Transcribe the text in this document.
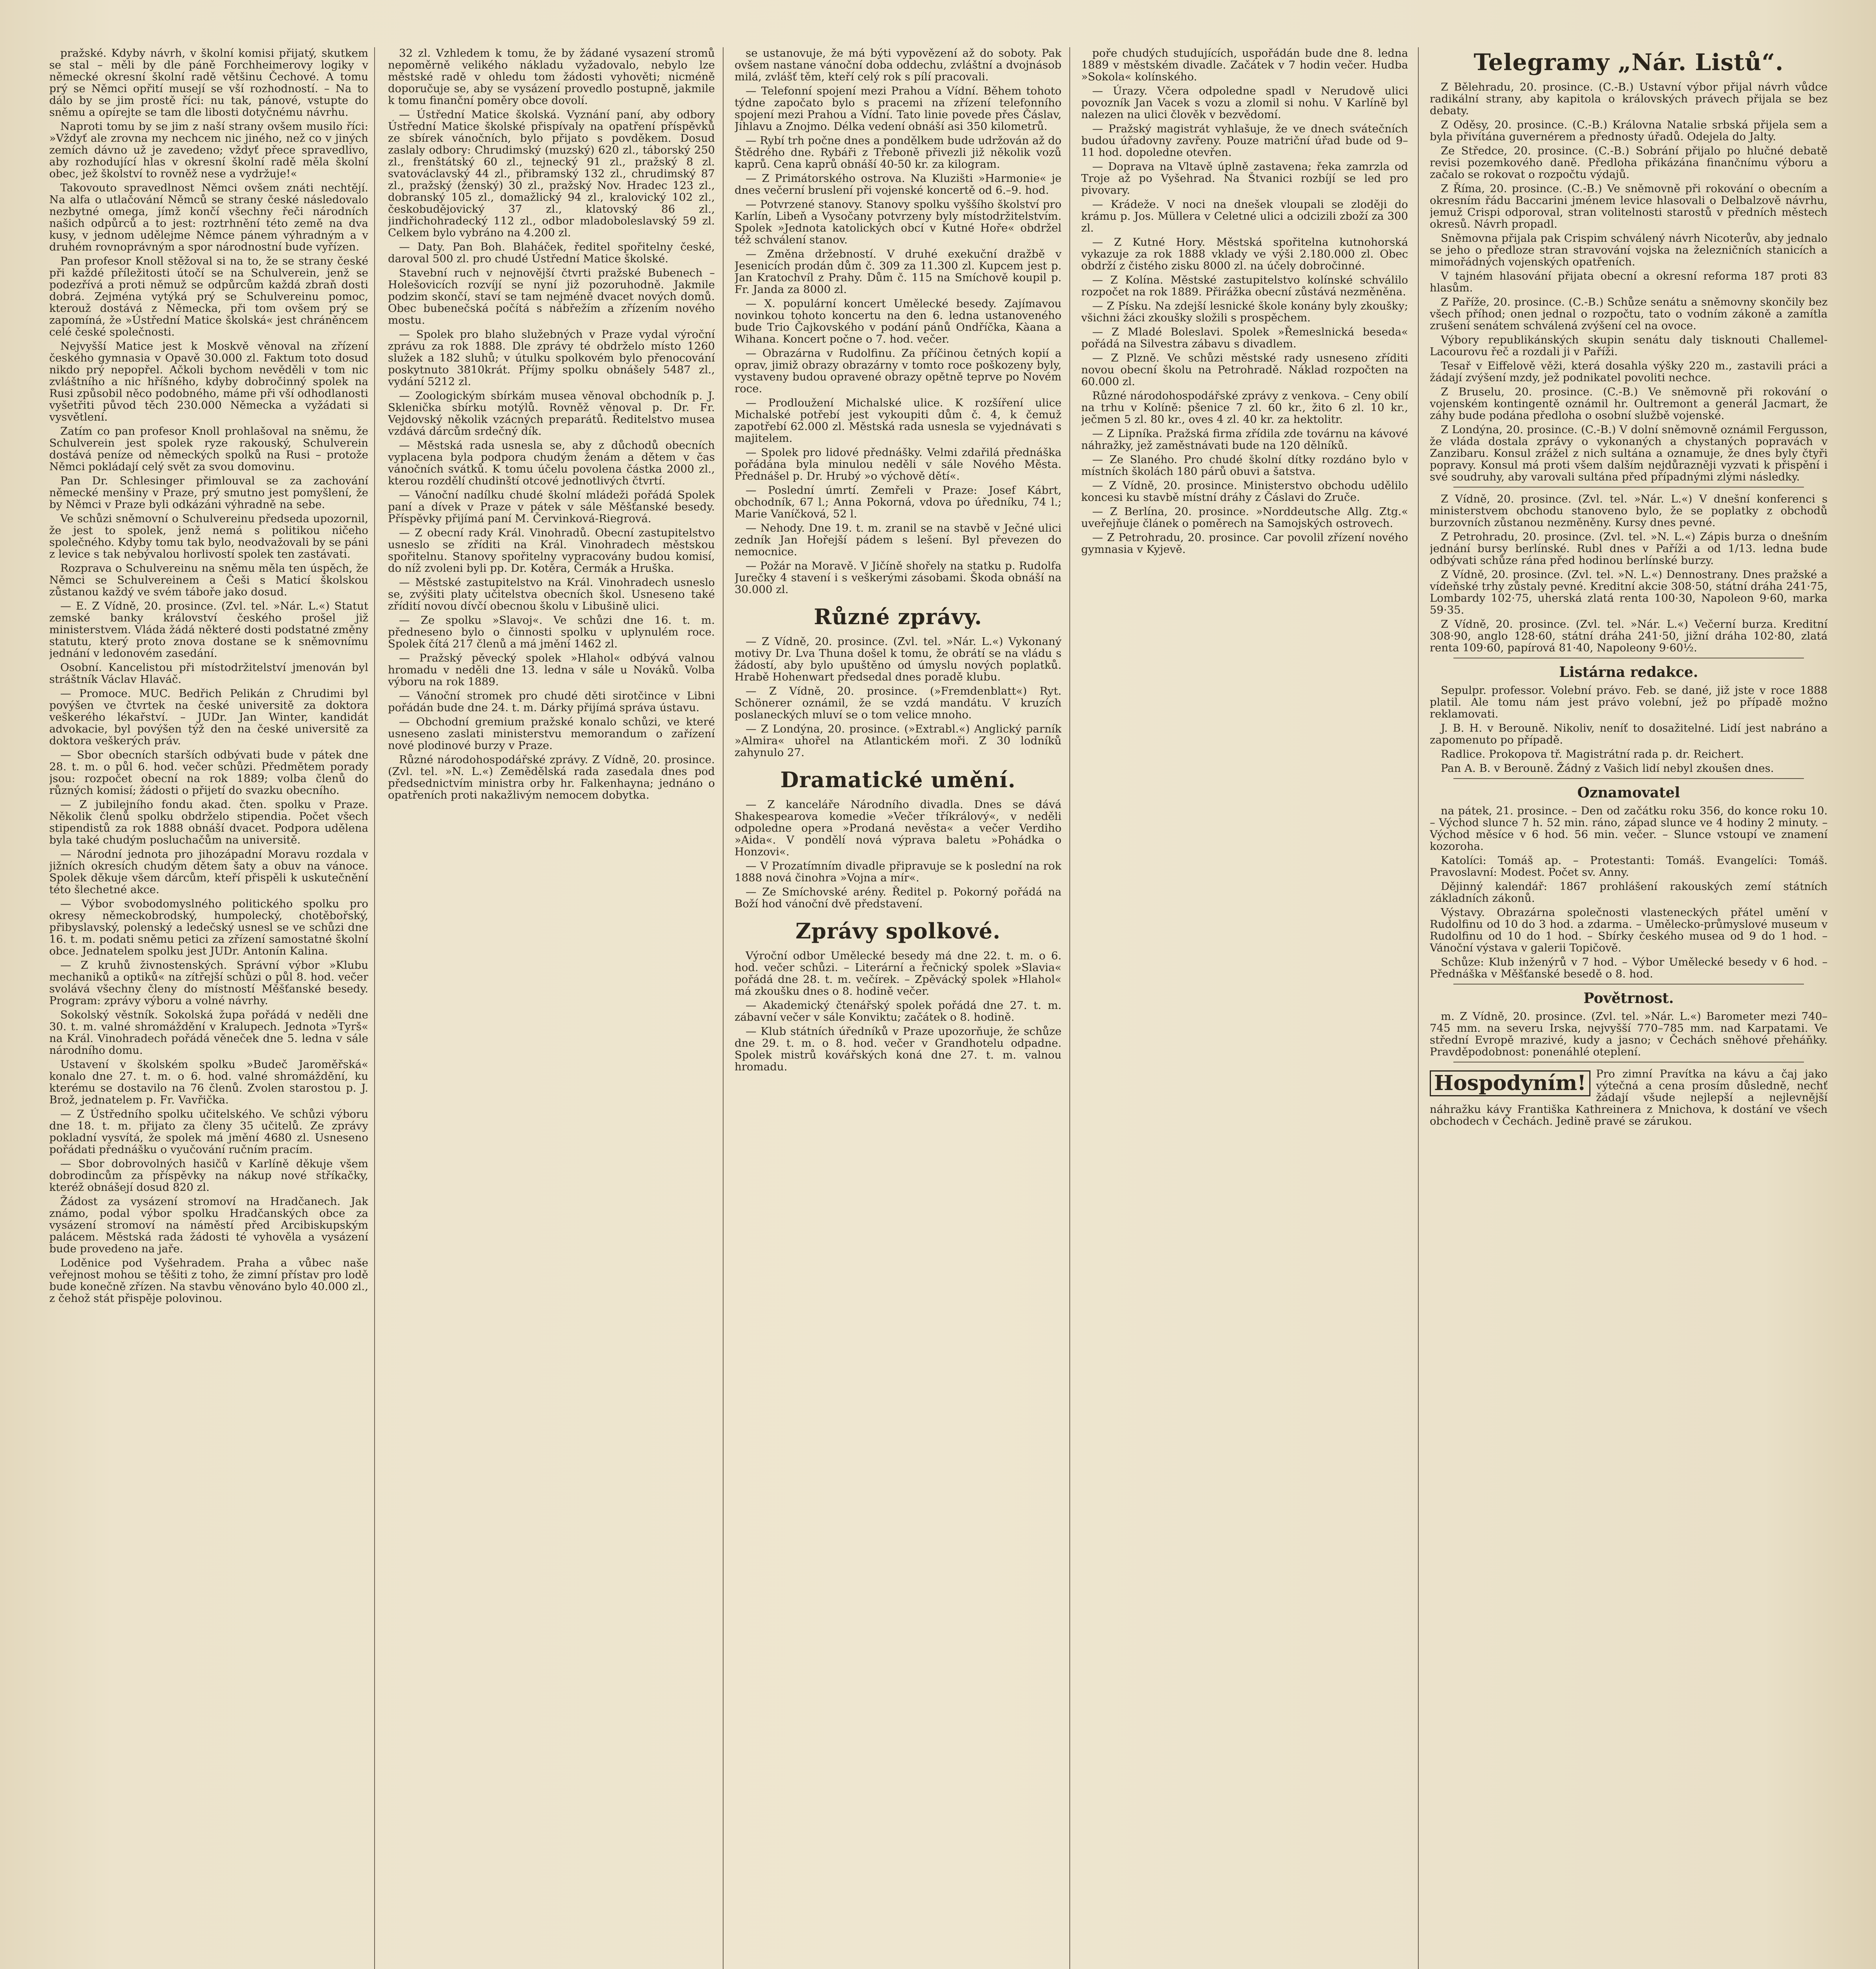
pražské. Kdyby návrh, v školní komisi přijatý, skutkem se stal – měli by dle páně Forchheimerovy logiky v německé okresní školní radě většinu Čechové. A tomu prý se Němci opřití musejí se vší rozhodností. – Na to dálo by se jim prostě říci: nu tak, pánové, vstupte do sněmu a opírejte se tam dle libosti dotyčnému návrhu.

Naproti tomu by se jim z naší strany ovšem musilo říci: »Vždyť ale zrovna my nechcem nic jiného, než co v jiných zemích dávno už je zavedeno; vždyť přece spravedlivo, aby rozhodující hlas v okresní školní radě měla školní obec, jež školství to rovněž nese a vydržuje!«

Takovouto spravedlnost Němci ovšem znáti nechtějí. Na alfa o utlačování Němců se strany české následovalo nezbytné omega, jímž končí všechny řeči národních našich odpůrců a to jest: roztrhnění této země na dva kusy, v jednom udělejme Němce pánem výhradným a v druhém rovnoprávným a spor národnostní bude vyřízen.

Pan profesor Knoll stěžoval si na to, že se strany české při každé příležitosti útočí se na Schulverein, jenž se podezřívá a proti němuž se odpůrcům každá zbraň dosti dobrá. Zejména vytýká prý se Schulvereinu pomoc, kterouž dostává z Německa, při tom ovšem prý se zapomíná, že »Ústřední Matice školská« jest chráněncem celé české společnosti.

Nejvyšší Matice jest k Moskvě věnoval na zřízení českého gymnasia v Opavě 30.000 zl. Faktum toto dosud nikdo prý nepopřel. Ačkoli bychom nevěděli v tom nic zvláštního a nic hříšného, kdyby dobročinný spolek na Rusi způsobil něco podobného, máme při vší odhodlanosti vyšetřiti původ těch 230.000 Německa a vyžádati si vysvětlení.

Zatím co pan profesor Knoll prohlašoval na sněmu, že Schulverein jest spolek ryze rakouský, Schulverein dostává peníze od německých spolků na Rusi – protože Němci pokládají celý svět za svou domovinu.

Pan Dr. Schlesinger přimlouval se za zachování německé menšiny v Praze, prý smutno jest pomyšlení, že by Němci v Praze byli odkázáni výhradně na sebe.

Ve schůzi sněmovní o Schulvereinu předseda upozornil, že jest to spolek, jenž nemá s politikou ničeho společného. Kdyby tomu tak bylo, neodvažovali by se páni z levice s tak nebývalou horlivostí spolek ten zastávati.

Rozprava o Schulvereinu na sněmu měla ten úspěch, že Němci se Schulvereinem a Češi s Maticí školskou zůstanou každý ve svém táboře jako dosud.

— E. Z Vídně, 20. prosince. (Zvl. tel. »Nár. L.«) Statut zemské banky království českého prošel již ministerstvem. Vláda žádá některé dosti podstatné změny statutu, který proto znova dostane se k sněmovnímu jednání v ledonovém zasedání.

Osobní. Kancelistou při místodržitelství jmenován byl stráštník Václav Hlaváč.

— Promoce. MUC. Bedřich Pelikán z Chrudimi byl povýšen ve čtvrtek na české universitě za doktora veškerého lékařství. – JUDr. Jan Winter, kandidát advokacie, byl povýšen týž den na české universitě za doktora veškerých práv.

— Sbor obecních starších odbývati bude v pátek dne 28. t. m. o půl 6. hod. večer schůzi. Předmětem porady jsou: rozpočet obecní na rok 1889; volba členů do různých komisí; žádosti o přijetí do svazku obecního.

— Z jubilejního fondu akad. čten. spolku v Praze. Několik členů spolku obdrželo stipendia. Počet všech stipendistů za rok 1888 obnáší dvacet. Podpora udělena byla také chudým posluchačům na universitě.

— Národní jednota pro jihozápadní Moravu rozdala v jižních okresích chudým dětem šaty a obuv na vánoce. Spolek děkuje všem dárcům, kteří přispěli k uskutečnění této šlechetné akce.

— Výbor svobodomyslného politického spolku pro okresy německobrodský, humpolecký, chotěbořský, přibyslavský, polenský a ledečský usnesl se ve schůzi dne 16. t. m. podati sněmu petici za zřízení samostatné školní obce. Jednatelem spolku jest JUDr. Antonín Kalina.

— Z kruhů živnostenských. Správní výbor »Klubu mechaniků a optiků« na zítřejší schůzi o půl 8. hod. večer svolává všechny členy do místností Měšťanské besedy. Program: zprávy výboru a volné návrhy.

Sokolský věstník. Sokolská župa pořádá v neděli dne 30. t. m. valné shromáždění v Kralupech. Jednota »Tyrš« na Král. Vinohradech pořádá věneček dne 5. ledna v sále národního domu.

Ustavení v školském spolku »Budeč Jaroměřská« konalo dne 27. t. m. o 6. hod. valné shromáždění, ku kterému se dostavilo na 76 členů. Zvolen starostou p. J. Brož, jednatelem p. Fr. Vavřička.

— Z Ústředního spolku učitelského. Ve schůzi výboru dne 18. t. m. přijato za členy 35 učitelů. Ze zprávy pokladní vysvítá, že spolek má jmění 4680 zl. Usneseno pořádati přednášku o vyučování ručním pracím.

— Sbor dobrovolných hasičů v Karlíně děkuje všem dobrodincům za příspěvky na nákup nové stříkačky, kteréž obnášejí dosud 820 zl.

Žádost za vysázení stromoví na Hradčanech. Jak známo, podal výbor spolku Hradčanských obce za vysázení stromoví na náměstí před Arcibiskupským palácem. Městská rada žádosti té vyhověla a vysázení bude provedeno na jaře.

Loděnice pod Vyšehradem. Praha a vůbec naše veřejnost mohou se těšiti z toho, že zimní přístav pro lodě bude konečně zřízen. Na stavbu věnováno bylo 40.000 zl., z čehož stát přispěje polovinou.

32 zl. Vzhledem k tomu, že by žádané vysazení stromů nepoměrně velikého nákladu vyžadovalo, nebylo lze městské radě v ohledu tom žádosti vyhověti; nicméně doporučuje se, aby se vysázení provedlo postupně, jakmile k tomu finanční poměry obce dovolí.

— Ústřední Matice školská. Vyznání paní, aby odbory Ústřední Matice školské přispívaly na opatření příspěvků ze sbírek vánočních, bylo přijato s povděkem. Dosud zaslaly odbory: Chrudimský (muzský) 620 zl., táborský 250 zl., frenštátský 60 zl., tejnecký 91 zl., pražský 8 zl. svatováclavský 44 zl., přibramský 132 zl., chrudimský 87 zl., pražský (ženský) 30 zl., pražský Nov. Hradec 123 zl., dobranský 105 zl., domažlický 94 zl., kralovický 102 zl., českobudějovický 37 zl., klatovský 86 zl., jindřichohradecký 112 zl., odbor mladoboleslavský 59 zl. Celkem bylo vybráno na 4.200 zl.

— Daty. Pan Boh. Blaháček, ředitel spořitelny české, daroval 500 zl. pro chudé Ústřední Matice školské.

Stavební ruch v nejnovější čtvrti pražské Bubenech – Holešovicích rozvíjí se nyní již pozoruhodně. Jakmile podzim skončí, staví se tam nejméně dvacet nových domů. Obec bubenečská počítá s nábřežím a zřízením nového mostu.

— Spolek pro blaho služebných v Praze vydal výroční zprávu za rok 1888. Dle zprávy té obdrželo místo 1260 služek a 182 sluhů; v útulku spolkovém bylo přenocování poskytnuto 3810krát. Příjmy spolku obnášely 5487 zl., vydání 5212 zl.

— Zoologickým sbírkám musea věnoval obchodník p. J. Sklenička sbírku motýlů. Rovněž věnoval p. Dr. Fr. Vejdovský několik vzácných preparátů. Ředitelstvo musea vzdává dárcům srdečný dík.

— Městská rada usnesla se, aby z důchodů obecních vyplacena byla podpora chudým ženám a dětem v čas vánočních svátků. K tomu účelu povolena částka 2000 zl., kterou rozdělí chudinští otcové jednotlivých čtvrtí.

— Vánoční nadílku chudé školní mládeži pořádá Spolek paní a dívek v Praze v pátek v sále Měšťanské besedy. Příspěvky přijímá paní M. Červinková-Riegrová.

— Z obecní rady Král. Vinohradů. Obecní zastupitelstvo usneslo se zříditi na Král. Vinohradech městskou spořitelnu. Stanovy spořitelny vypracovány budou komisí, do níž zvoleni byli pp. Dr. Kotěra, Čermák a Hruška.

— Městské zastupitelstvo na Král. Vinohradech usneslo se, zvýšiti platy učitelstva obecních škol. Usneseno také zřídití novou dívčí obecnou školu v Libušině ulici.

— Ze spolku »Slavoj«. Ve schůzi dne 16. t. m. předneseno bylo o činnosti spolku v uplynulém roce. Spolek čítá 217 členů a má jmění 1462 zl.

— Pražský pěvecký spolek »Hlahol« odbývá valnou hromadu v neděli dne 13. ledna v sále u Nováků. Volba výboru na rok 1889.

— Vánoční stromek pro chudé děti sirotčince v Libni pořádán bude dne 24. t. m. Dárky přijímá správa ústavu.

— Obchodní gremium pražské konalo schůzi, ve které usneseno zaslati ministerstvu memorandum o zařízení nové plodinové burzy v Praze.

Různé národohospodářské zprávy. Z Vídně, 20. prosince. (Zvl. tel. »N. L.«) Zemědělská rada zasedala dnes pod předsednictvím ministra orby hr. Falkenhayna; jednáno o opatřeních proti nakažlivým nemocem dobytka.

se ustanovuje, že má býti vypovězení až do soboty. Pak ovšem nastane vánoční doba oddechu, zvláštní a dvojnásob milá, zvlášť těm, kteří celý rok s pílí pracovali.

— Telefonní spojení mezi Prahou a Vídní. Během tohoto týdne započato bylo s pracemi na zřízení telefonního spojení mezi Prahou a Vídní. Tato linie povede přes Čáslav, Jihlavu a Znojmo. Délka vedení obnáší asi 350 kilometrů.

— Rybí trh počne dnes a pondělkem bude udržován až do Štědrého dne. Rybáři z Třeboně přivezli již několik vozů kaprů. Cena kaprů obnáší 40-50 kr. za kilogram.

— Z Primátorského ostrova. Na Kluzišti »Harmonie« je dnes večerní bruslení při vojenské koncertě od 6.–9. hod.

— Potvrzené stanovy. Stanovy spolku vyššího školství pro Karlín, Libeň a Vysočany potvrzeny byly místodržitelstvím. Spolek »Jednota katolických obcí v Kutné Hoře« obdržel též schválení stanov.

— Změna držebností. V druhé exekuční dražbě v Jesenicích prodán dům č. 309 za 11.300 zl. Kupcem jest p. Jan Kratochvíl z Prahy. Dům č. 115 na Smíchově koupil p. Fr. Janda za 8000 zl.

— X. populární koncert Umělecké besedy. Zajímavou novinkou tohoto koncertu na den 6. ledna ustanoveného bude Trio Čajkovského v podání pánů Ondříčka, Kàana a Wihana. Koncert počne o 7. hod. večer.

— Obrazárna v Rudolfinu. Za příčinou četných kopií a oprav, jimiž obrazy obrazárny v tomto roce poškozeny byly, vystaveny budou opravené obrazy opětně teprve po Novém roce.

— Prodloužení Michalské ulice. K rozšíření ulice Michalské potřebí jest vykoupiti dům č. 4, k čemuž zapotřebí 62.000 zl. Městská rada usnesla se vyjednávati s majitelem.

— Spolek pro lidové přednášky. Velmi zdařilá přednáška pořádána byla minulou neděli v sále Nového Města. Přednášel p. Dr. Hrubý »o výchově dětí«.

— Poslední úmrtí. Zemřeli v Praze: Josef Kábrt, obchodník, 67 l.; Anna Pokorná, vdova po úředníku, 74 l.; Marie Vaníčková, 52 l.

— Nehody. Dne 19. t. m. zranil se na stavbě v Ječné ulici zedník Jan Hořejší pádem s lešení. Byl převezen do nemocnice.

— Požár na Moravě. V Jičíně shořely na statku p. Rudolfa Jurečky 4 stavení i s veškerými zásobami. Škoda obnáší na 30.000 zl.

Různé zprávy.

— Z Vídně, 20. prosince. (Zvl. tel. »Nár. L.«) Vykonaný motivy Dr. Lva Thuna došel k tomu, že obrátí se na vládu s žádostí, aby bylo upuštěno od úmyslu nových poplatků. Hrabě Hohenwart předsedal dnes poradě klubu.

— Z Vídně, 20. prosince. (»Fremdenblatt«) Ryt. Schönerer oznámil, že se vzdá mandátu. V kruzích poslaneckých mluví se o tom velice mnoho.

— Z Londýna, 20. prosince. (»Extrabl.«) Anglický parník »Almira« uhořel na Atlantickém moři. Z 30 lodníků zahynulo 27.

Dramatické umění.

— Z kanceláře Národního divadla. Dnes se dává Shakespearova komedie »Večer tříkrálový«, v neděli odpoledne opera »Prodaná nevěsta« a večer Verdiho »Aida«. V pondělí nová výprava baletu »Pohádka o Honzovi«.

— V Prozatímním divadle připravuje se k poslední na rok 1888 nová činohra »Vojna a mír«.

— Ze Smíchovské arény. Ředitel p. Pokorný pořádá na Boží hod vánoční dvě představení.

Zprávy spolkové.

Výroční odbor Umělecké besedy má dne 22. t. m. o 6. hod. večer schůzi. – Literární a řečnický spolek »Slavia« pořádá dne 28. t. m. večírek. – Zpěvácký spolek »Hlahol« má zkoušku dnes o 8. hodině večer.

— Akademický čtenářský spolek pořádá dne 27. t. m. zábavní večer v sále Konviktu; začátek o 8. hodině.

— Klub státních úředníků v Praze upozorňuje, že schůze dne 29. t. m. o 8. hod. večer v Grandhotelu odpadne. Spolek mistrů kovářských koná dne 27. t. m. valnou hromadu.

poře chudých studujících, uspořádán bude dne 8. ledna 1889 v městském divadle. Začátek v 7 hodin večer. Hudba »Sokola« kolínského.

— Úrazy. Včera odpoledne spadl v Nerudově ulici povozník Jan Vacek s vozu a zlomil si nohu. V Karlíně byl nalezen na ulici člověk v bezvědomí.

— Pražský magistrát vyhlašuje, že ve dnech svátečních budou úřadovny zavřeny. Pouze matriční úřad bude od 9–11 hod. dopoledne otevřen.

— Doprava na Vltavě úplně zastavena; řeka zamrzla od Troje až po Vyšehrad. Na Štvanici rozbíjí se led pro pivovary.

— Krádeže. V noci na dnešek vloupali se zloději do krámu p. Jos. Müllera v Celetné ulici a odcizili zboží za 300 zl.

— Z Kutné Hory. Městská spořitelna kutnohorská vykazuje za rok 1888 vklady ve výši 2.180.000 zl. Obec obdrží z čistého zisku 8000 zl. na účely dobročinné.

— Z Kolína. Městské zastupitelstvo kolínské schválilo rozpočet na rok 1889. Přirážka obecní zůstává nezměněna.

— Z Písku. Na zdejší lesnické škole konány byly zkoušky; všichni žáci zkoušky složili s prospěchem.

— Z Mladé Boleslavi. Spolek »Řemeslnická beseda« pořádá na Silvestra zábavu s divadlem.

— Z Plzně. Ve schůzi městské rady usneseno zříditi novou obecní školu na Petrohradě. Náklad rozpočten na 60.000 zl.

Různé národohospodářské zprávy z venkova. – Ceny obilí na trhu v Kolíně: pšenice 7 zl. 60 kr., žito 6 zl. 10 kr., ječmen 5 zl. 80 kr., oves 4 zl. 40 kr. za hektolitr.

— Z Lipníka. Pražská firma zřídila zde továrnu na kávové náhražky, jež zaměstnávati bude na 120 dělníků.

— Ze Slaného. Pro chudé školní dítky rozdáno bylo v místních školách 180 párů obuvi a šatstva.

— Z Vídně, 20. prosince. Ministerstvo obchodu udělilo koncesi ku stavbě místní dráhy z Čáslavi do Zruče.

— Z Berlína, 20. prosince. »Norddeutsche Allg. Ztg.« uveřejňuje článek o poměrech na Samojských ostrovech.

— Z Petrohradu, 20. prosince. Car povolil zřízení nového gymnasia v Kyjevě.

Telegramy „Nár. Listů“.

Z Bělehradu, 20. prosince. (C.-B.) Ustavní výbor přijal návrh vůdce radikální strany, aby kapitola o královských právech přijala se bez debaty.

Z Oděsy, 20. prosince. (C.-B.) Královna Natalie srbská přijela sem a byla přivítána guvernérem a přednosty úřadů. Odejela do Jalty.

Ze Středce, 20. prosince. (C.-B.) Sobrání přijalo po hlučné debatě revisi pozemkového daně. Předloha přikázána finančnímu výboru a začalo se rokovat o rozpočtu výdajů.

Z Říma, 20. prosince. (C.-B.) Ve sněmovně při rokování o obecním a okresním řádu Baccarini jménem levice hlasovali o Delbalzově návrhu, jemuž Crispi odporoval, stran volitelnosti starostů v předních městech okresů. Návrh propadl.

Sněmovna přijala pak Crispim schválený návrh Nicoterův, aby jednalo se jeho o předloze stran stravování vojska na železničních stanicích a mimořádných vojenských opatřeních.

V tajném hlasování přijata obecní a okresní reforma 187 proti 83 hlasům.

Z Paříže, 20. prosince. (C.-B.) Schůze senátu a sněmovny skončily bez všech příhod; onen jednal o rozpočtu, tato o vodním zákoně a zamítla zrušení senátem schválená zvýšení cel na ovoce.

Výbory republikánských skupin senátu daly tisknouti Challemel-Lacourovu řeč a rozdali ji v Paříži.

Tesař v Eiffelově věži, která dosahla výšky 220 m., zastavili práci a žádají zvýšení mzdy, jež podnikatel povoliti nechce.

Z Bruselu, 20. prosince. (C.-B.) Ve sněmovně při rokování o vojenském kontingentě oznámil hr. Oultremont a generál Jacmart, že záhy bude podána předloha o osobní službě vojenské.

Z Londýna, 20. prosince. (C.-B.) V dolní sněmovně oznámil Fergusson, že vláda dostala zprávy o vykonaných a chystaných popravách v Zanzibaru. Konsul zrážel z nich sultána a oznamuje, že dnes byly čtyři popravy. Konsul má proti všem dalším nejdůrazněji vyzvati k přispění i své soudruhy, aby varovali sultána před případnými zlými následky.

Z Vídně, 20. prosince. (Zvl. tel. »Nár. L.«) V dnešní konferenci s ministerstvem obchodu stanoveno bylo, že se poplatky z obchodů burzovních zůstanou nezměněny. Kursy dnes pevné.

Z Petrohradu, 20. prosince. (Zvl. tel. »N. L.«) Zápis burza o dnešním jednání bursy berlínské. Rubl dnes v Paříži a od 1/13. ledna bude odbývati schůze rána před hodinou berlínské burzy.

Z Vídně, 20. prosince. (Zvl. tel. »N. L.«) Dennostrany. Dnes pražské a vídeňské trhy zůstaly pevné. Kreditní akcie 308·50, státní dráha 241·75, Lombardy 102·75, uherská zlatá renta 100·30, Napoleon 9·60, marka 59·35.

Z Vídně, 20. prosince. (Zvl. tel. »Nár. L.«) Večerní burza. Kreditní 308·90, anglo 128·60, státní dráha 241·50, jižní dráha 102·80, zlatá renta 109·60, papírová 81·40, Napoleony 9·60½.

Listárna redakce.

Sepulpr. professor. Volební právo. Feb. se dané, již jste v roce 1888 platil. Ale tomu nám jest právo volební, jež po případě možno reklamovati.

J. B. H. v Berouně. Nikoliv, neníť to dosažitelné. Lidí jest nabráno a zapomenuto po případě.

Radlice. Prokopova tř. Magistrátní rada p. dr. Reichert.

Pan A. B. v Berouně. Žádný z Vašich lidí nebyl zkoušen dnes.

Oznamovatel

na pátek, 21. prosince. – Den od začátku roku 356, do konce roku 10. – Východ slunce 7 h. 52 min. ráno, západ slunce ve 4 hodiny 2 minuty. – Východ měsíce v 6 hod. 56 min. večer. – Slunce vstoupí ve znamení kozoroha.

Katolíci: Tomáš ap. – Protestanti: Tomáš. Evangelíci: Tomáš. Pravoslavní: Modest. Počet sv. Anny.

Dějinný kalendář: 1867 prohlášení rakouských zemí státních základních zákonů.

Výstavy. Obrazárna společnosti vlasteneckých přátel umění v Rudolfinu od 10 do 3 hod. a zdarma. – Umělecko-průmyslové museum v Rudolfinu od 10 do 1 hod. – Sbírky českého musea od 9 do 1 hod. – Vánoční výstava v galerii Topičově.

Schůze: Klub inženýrů v 7 hod. – Výbor Umělecké besedy v 6 hod. – Přednáška v Měšťanské besedě o 8. hod.

Povětrnost.

m. Z Vídně, 20. prosince. (Zvl. tel. »Nár. L.«) Barometer mezi 740–745 mm. na severu Irska, nejvyšší 770–785 mm. nad Karpatami. Ve střední Evropě mrazivé, kudy a jasno; v Čechách sněhové přeháňky. Pravděpodobnost: ponenáhlé oteplení.

Hospodyním! Pro zimní Pravítka na kávu a čaj jako výtečná a cena prosím důsledně, nechť žádají všude nejlepší a nejlevnější náhražku kávy Františka Kathreinera z Mnichova, k dostání ve všech obchodech v Čechách. Jedině pravé se zárukou.
